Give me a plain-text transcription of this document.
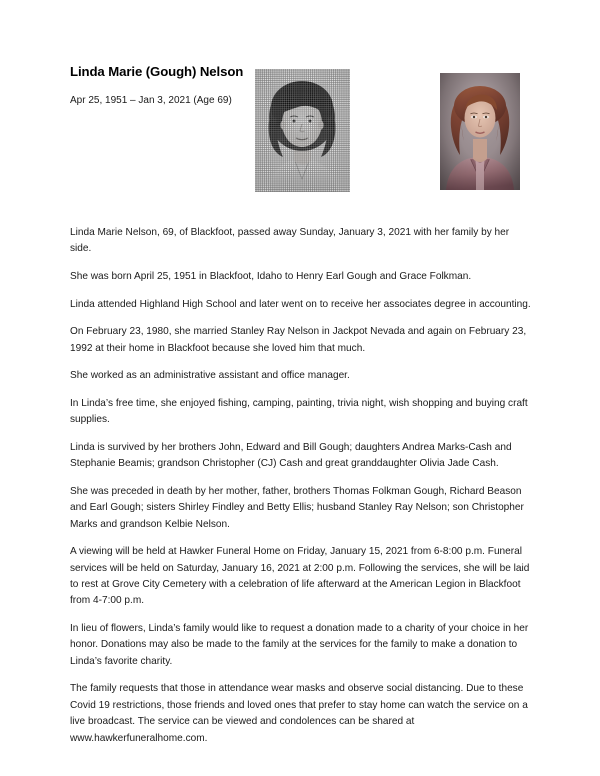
Linda Marie (Gough) Nelson

Apr 25, 1951 – Jan 3, 2021 (Age 69)

Linda Marie Nelson, 69, of Blackfoot, passed away Sunday, January 3, 2021 with her family by her side.

She was born April 25, 1951 in Blackfoot, Idaho to Henry Earl Gough and Grace Folkman.

Linda attended Highland High School and later went on to receive her associates degree in accounting.

On February 23, 1980, she married Stanley Ray Nelson in Jackpot Nevada and again on February 23, 1992 at their home in Blackfoot because she loved him that much.

She worked as an administrative assistant and office manager.

In Linda’s free time, she enjoyed fishing, camping, painting, trivia night, wish shopping and buying craft supplies.

Linda is survived by her brothers John, Edward and Bill Gough; daughters Andrea Marks-Cash and Stephanie Beamis; grandson Christopher (CJ) Cash and great granddaughter Olivia Jade Cash.

She was preceded in death by her mother, father, brothers Thomas Folkman Gough, Richard Beason and Earl Gough; sisters Shirley Findley and Betty Ellis; husband Stanley Ray Nelson; son Christopher Marks and grandson Kelbie Nelson.

A viewing will be held at Hawker Funeral Home on Friday, January 15, 2021 from 6-8:00 p.m. Funeral services will be held on Saturday, January 16, 2021 at 2:00 p.m. Following the services, she will be laid to rest at Grove City Cemetery with a celebration of life afterward at the American Legion in Blackfoot from 4-7:00 p.m.

In lieu of flowers, Linda’s family would like to request a donation made to a charity of your choice in her honor. Donations may also be made to the family at the services for the family to make a donation to Linda’s favorite charity.

The family requests that those in attendance wear masks and observe social distancing. Due to these Covid 19 restrictions, those friends and loved ones that prefer to stay home can watch the service on a live broadcast. The service can be viewed and condolences can be shared at www.hawkerfuneralhome.com.
